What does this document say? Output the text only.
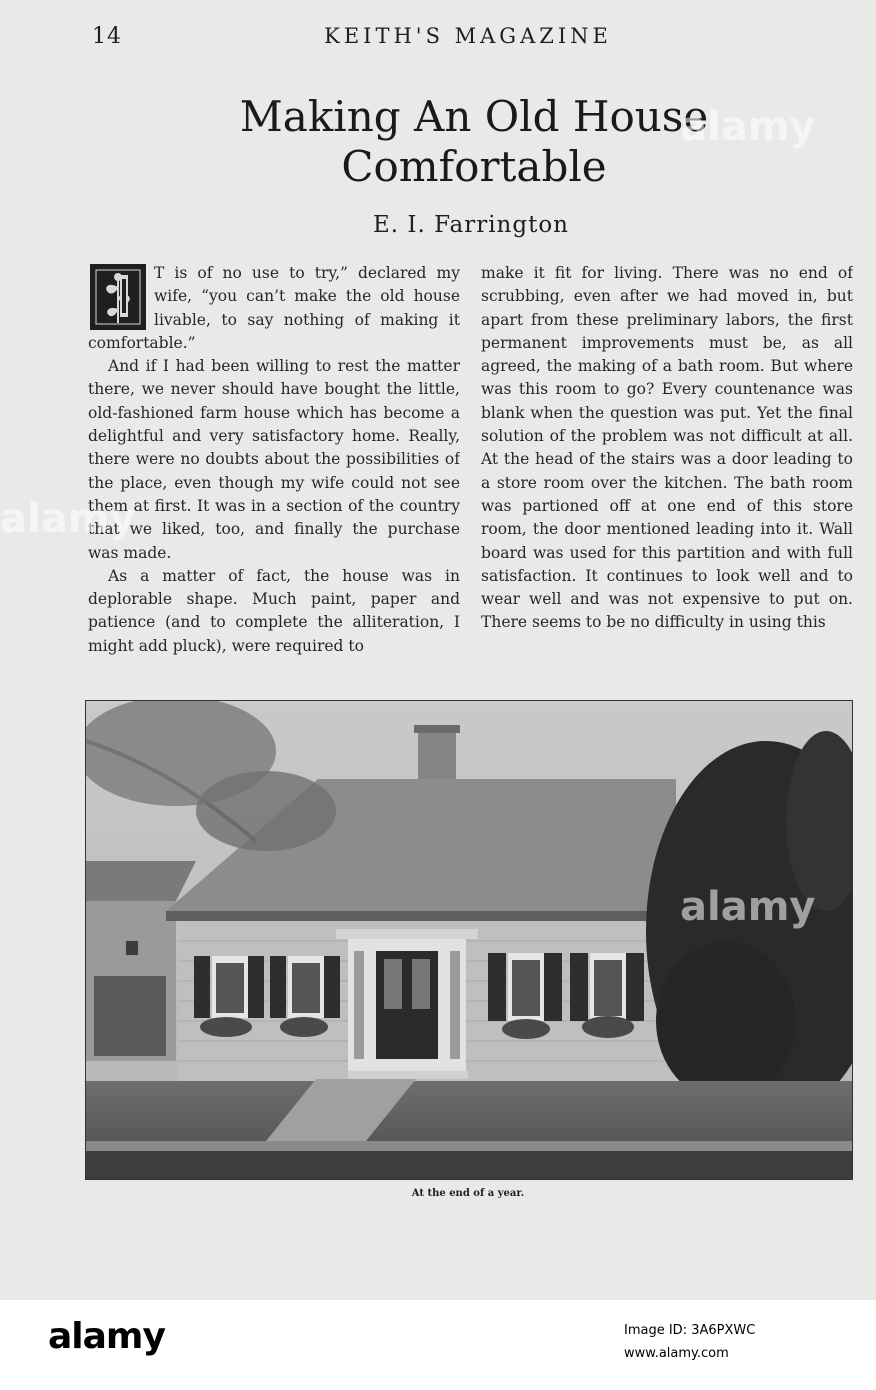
14	KEITH'S MAGAZINE
Making An Old House
Comfortable
E. I. Farrington

T is of no use to try,” declared my wife, “you can’t make the old house livable, to say nothing of making it comfortable.”

And if I had been willing to rest the matter there, we never should have bought the little, old-fashioned farm house which has become a delightful and very satisfactory home. Really, there were no doubts about the possibilities of the place, even though my wife could not see them at first. It was in a section of the country that we liked, too, and finally the purchase was made.

As a matter of fact, the house was in deplorable shape. Much paint, paper and patience (and to complete the alliteration, I might add pluck), were required to

make it fit for living. There was no end of scrubbing, even after we had moved in, but apart from these preliminary labors, the first permanent improvements must be, as all agreed, the making of a bath room. But where was this room to go? Every countenance was blank when the question was put. Yet the final solution of the problem was not difficult at all. At the head of the stairs was a door leading to a store room over the kitchen. The bath room was partioned off at one end of this store room, the door mentioned leading into it. Wall board was used for this partition and with full satisfaction. It continues to look well and to wear well and was not expensive to put on. There seems to be no difficulty in using this

At the end of a year.
alamy
alamy
alamy
alamy	Image ID: 3A6PXWC
www.alamy.com
